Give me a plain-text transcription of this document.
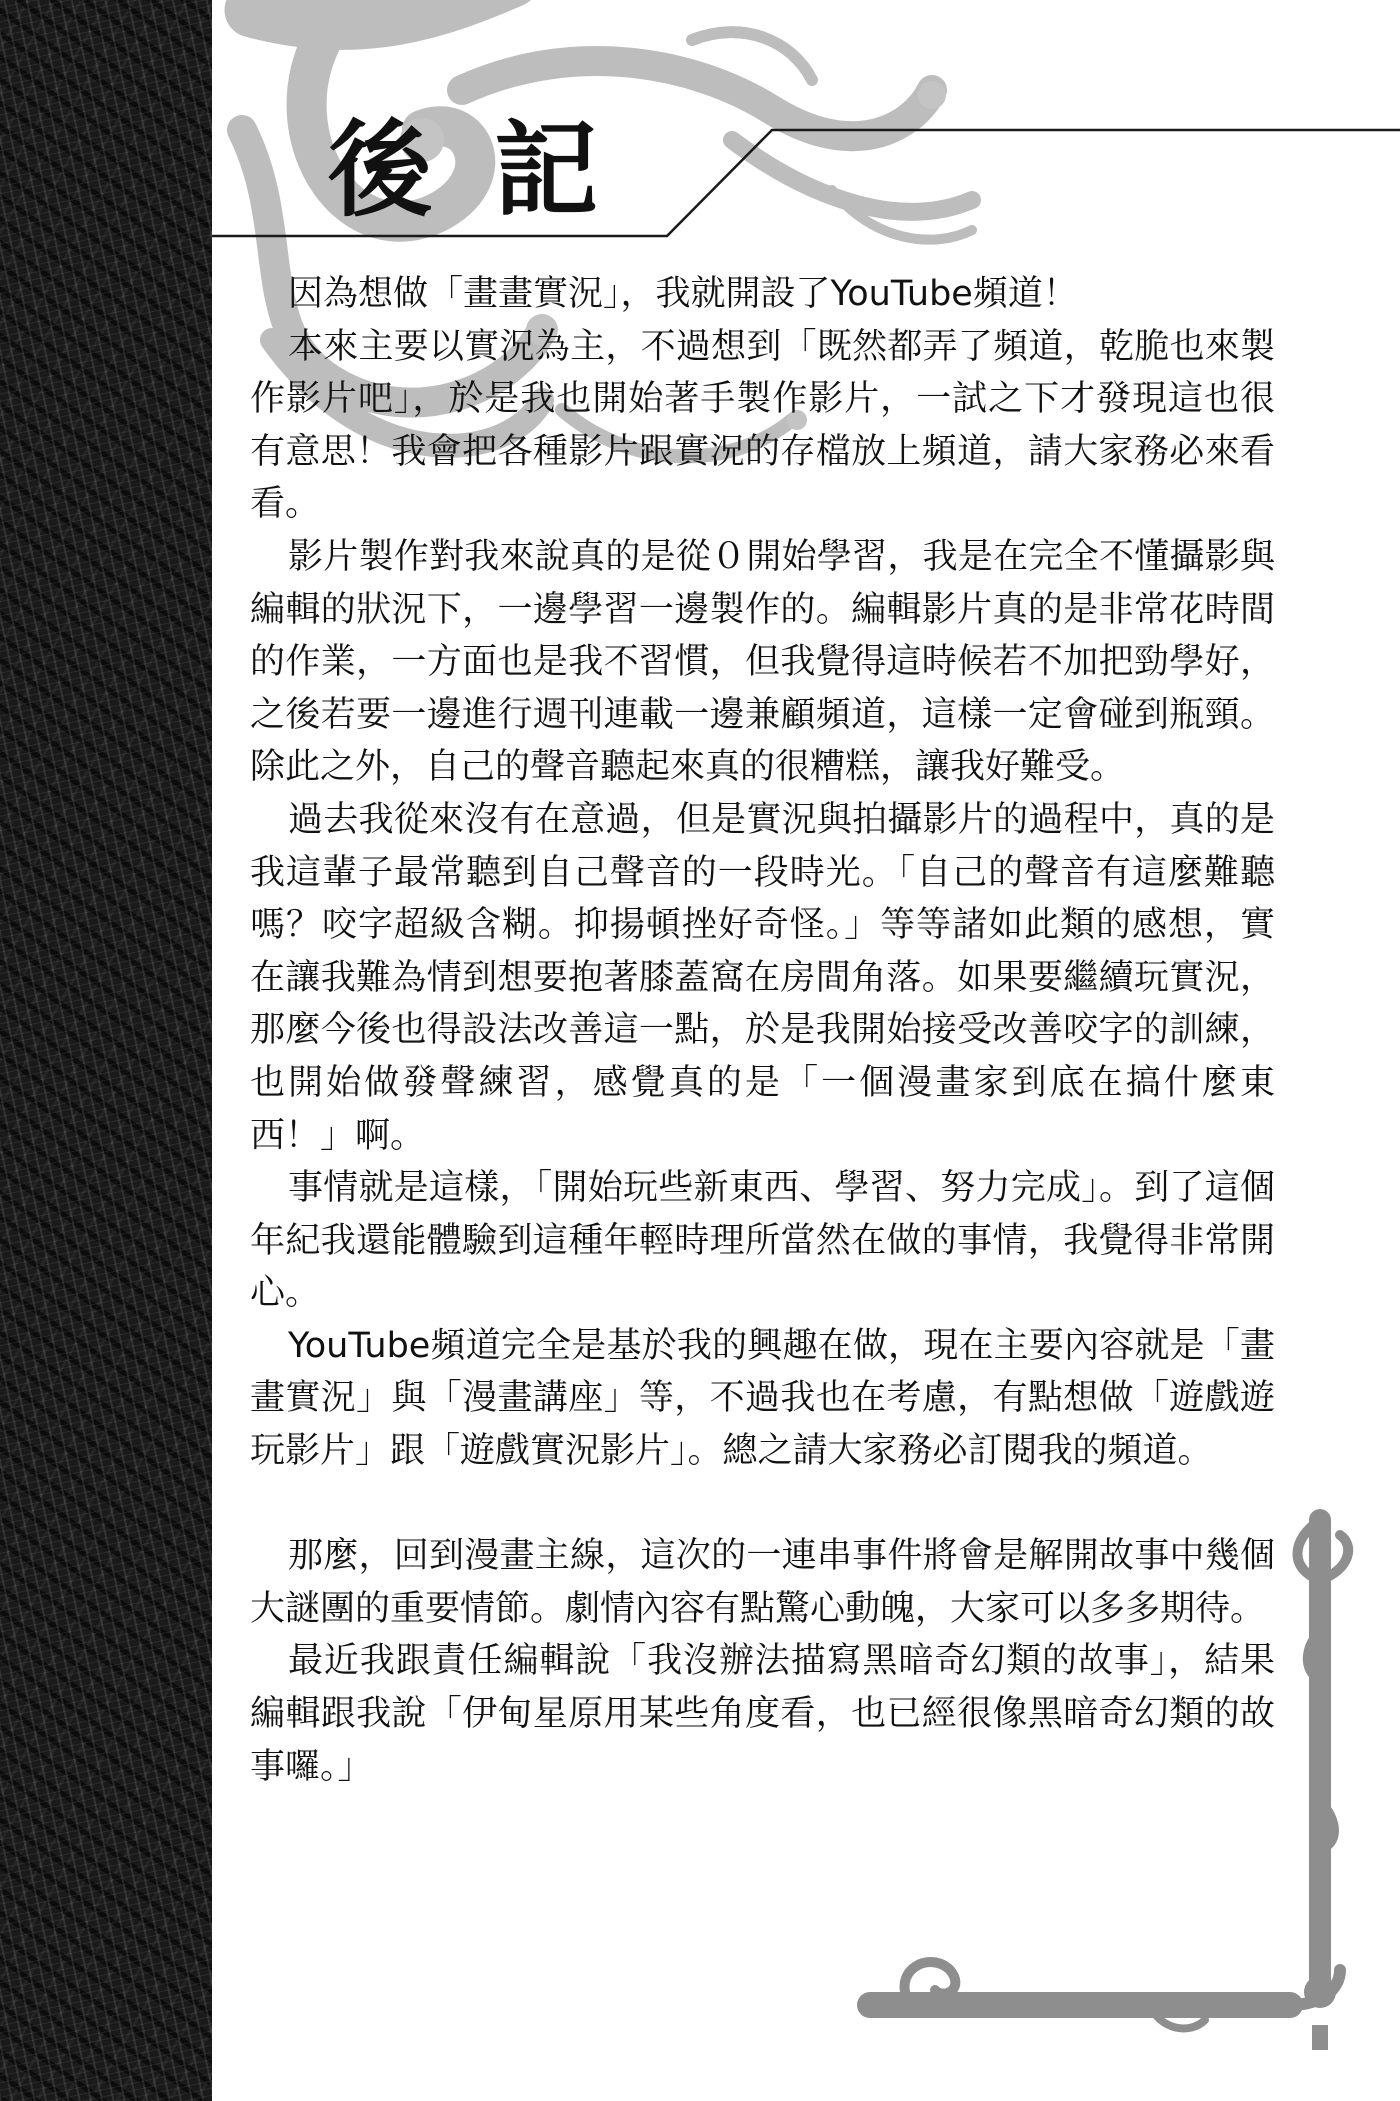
後記

因為想做「畫畫實況」，我就開設了YouTube頻道！

本來主要以實況為主，不過想到「既然都弄了頻道，乾脆也來製作影片吧」，於是我也開始著手製作影片，一試之下才發現這也很有意思！我會把各種影片跟實況的存檔放上頻道，請大家務必來看看。

影片製作對我來說真的是從０開始學習，我是在完全不懂攝影與編輯的狀況下，一邊學習一邊製作的。編輯影片真的是非常花時間的作業，一方面也是我不習慣，但我覺得這時候若不加把勁學好，之後若要一邊進行週刊連載一邊兼顧頻道，這樣一定會碰到瓶頸。除此之外，自己的聲音聽起來真的很糟糕，讓我好難受。

過去我從來沒有在意過，但是實況與拍攝影片的過程中，真的是我這輩子最常聽到自己聲音的一段時光。「自己的聲音有這麼難聽嗎？咬字超級含糊。抑揚頓挫好奇怪。」等等諸如此類的感想，實在讓我難為情到想要抱著膝蓋窩在房間角落。如果要繼續玩實況，那麼今後也得設法改善這一點，於是我開始接受改善咬字的訓練，也開始做發聲練習，感覺真的是「一個漫畫家到底在搞什麼東西！」啊。

事情就是這樣，「開始玩些新東西、學習、努力完成」。到了這個年紀我還能體驗到這種年輕時理所當然在做的事情，我覺得非常開心。

YouTube頻道完全是基於我的興趣在做，現在主要內容就是「畫畫實況」與「漫畫講座」等，不過我也在考慮，有點想做「遊戲遊玩影片」跟「遊戲實況影片」。總之請大家務必訂閱我的頻道。

那麼，回到漫畫主線，這次的一連串事件將會是解開故事中幾個大謎團的重要情節。劇情內容有點驚心動魄，大家可以多多期待。

最近我跟責任編輯說「我沒辦法描寫黑暗奇幻類的故事」，結果編輯跟我說「伊甸星原用某些角度看，也已經很像黑暗奇幻類的故事囉。」
